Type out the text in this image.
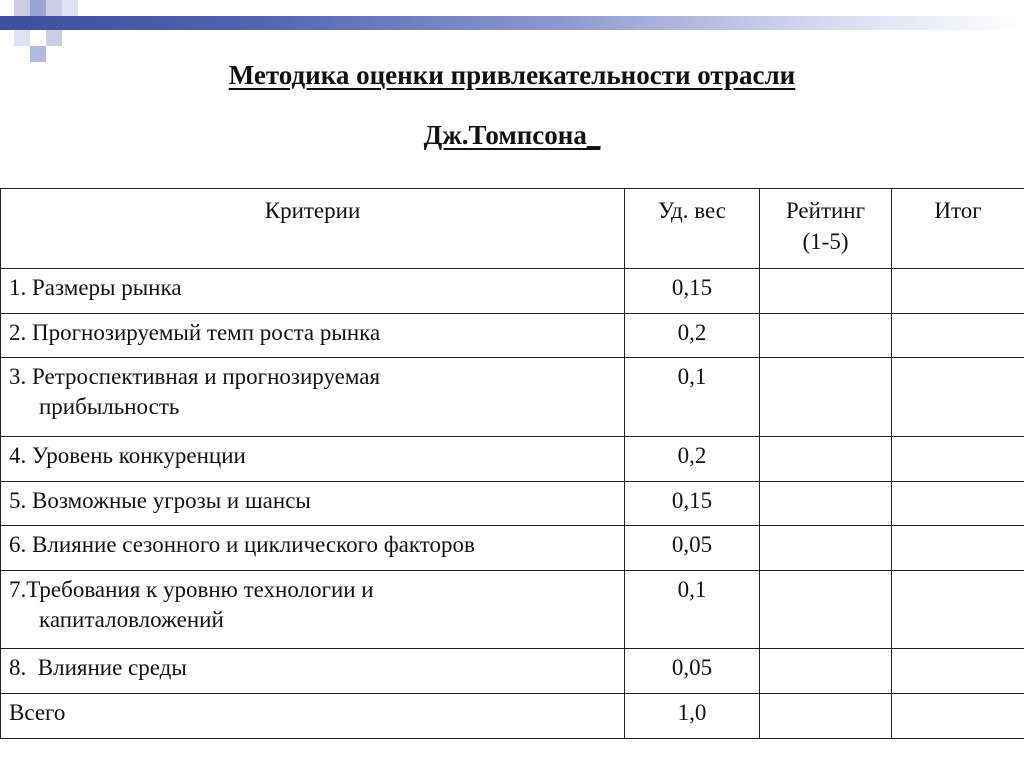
Методика оценки привлекательности отрасли
Дж.Томпсона_
Критерии	Уд. вес	Рейтинг (1-5)	Итог
1. Размеры рынка	0,15		
2. Прогнозируемый темп роста рынка	0,2		
3. Ретроспективная и прогнозируемая
прибыльность	0,1		
4. Уровень конкуренции	0,2		
5. Возможные угрозы и шансы	0,15		
6. Влияние сезонного и циклического факторов	0,05		
7.Требования к уровню технологии и
капиталовложений	0,1		
8.  Влияние среды	0,05		
Всего	1,0		
